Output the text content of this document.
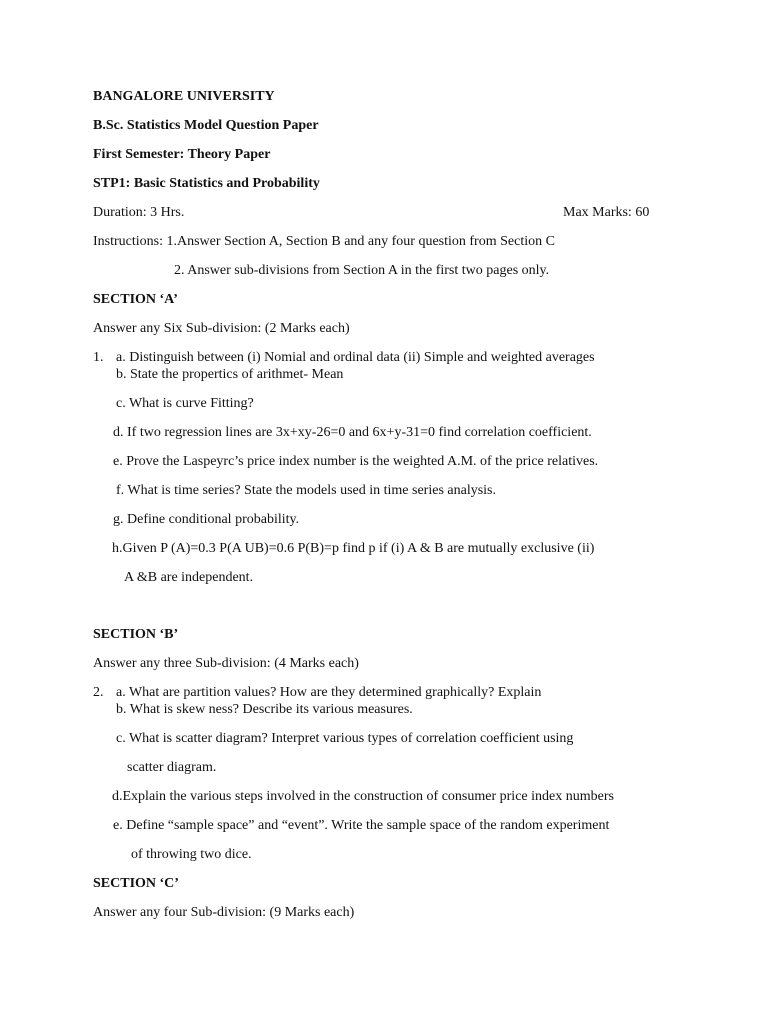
BANGALORE UNIVERSITY
B.Sc. Statistics Model Question Paper
First Semester: Theory Paper
STP1: Basic Statistics and Probability
Duration: 3 Hrs.	Max Marks: 60
Instructions: 1.Answer Section A, Section B and any four question from Section C
2. Answer sub-divisions from Section A in the first two pages only.
SECTION ‘A’
Answer any Six Sub-division: (2 Marks each)
1. a. Distinguish between (i) Nomial and ordinal data (ii) Simple and weighted averages
b. State the propertics of arithmet- Mean
c. What is curve Fitting?
d. If two regression lines are 3x+xy-26=0 and 6x+y-31=0 find correlation coefficient.
e. Prove the Laspeyrc’s price index number is the weighted A.M. of the price relatives.
f. What is time series? State the models used in time series analysis.
g. Define conditional probability.
h.Given P (A)=0.3 P(A UB)=0.6 P(B)=p find p if (i) A & B are mutually exclusive (ii)
A &B are independent.
SECTION ‘B’
Answer any three Sub-division: (4 Marks each)
2. a. What are partition values? How are they determined graphically? Explain
b. What is skew ness? Describe its various measures.
c. What is scatter diagram? Interpret various types of correlation coefficient using
scatter diagram.
d.Explain the various steps involved in the construction of consumer price index numbers
e. Define “sample space” and “event”. Write the sample space of the random experiment
of throwing two dice.
SECTION ‘C’
Answer any four Sub-division: (9 Marks each)
